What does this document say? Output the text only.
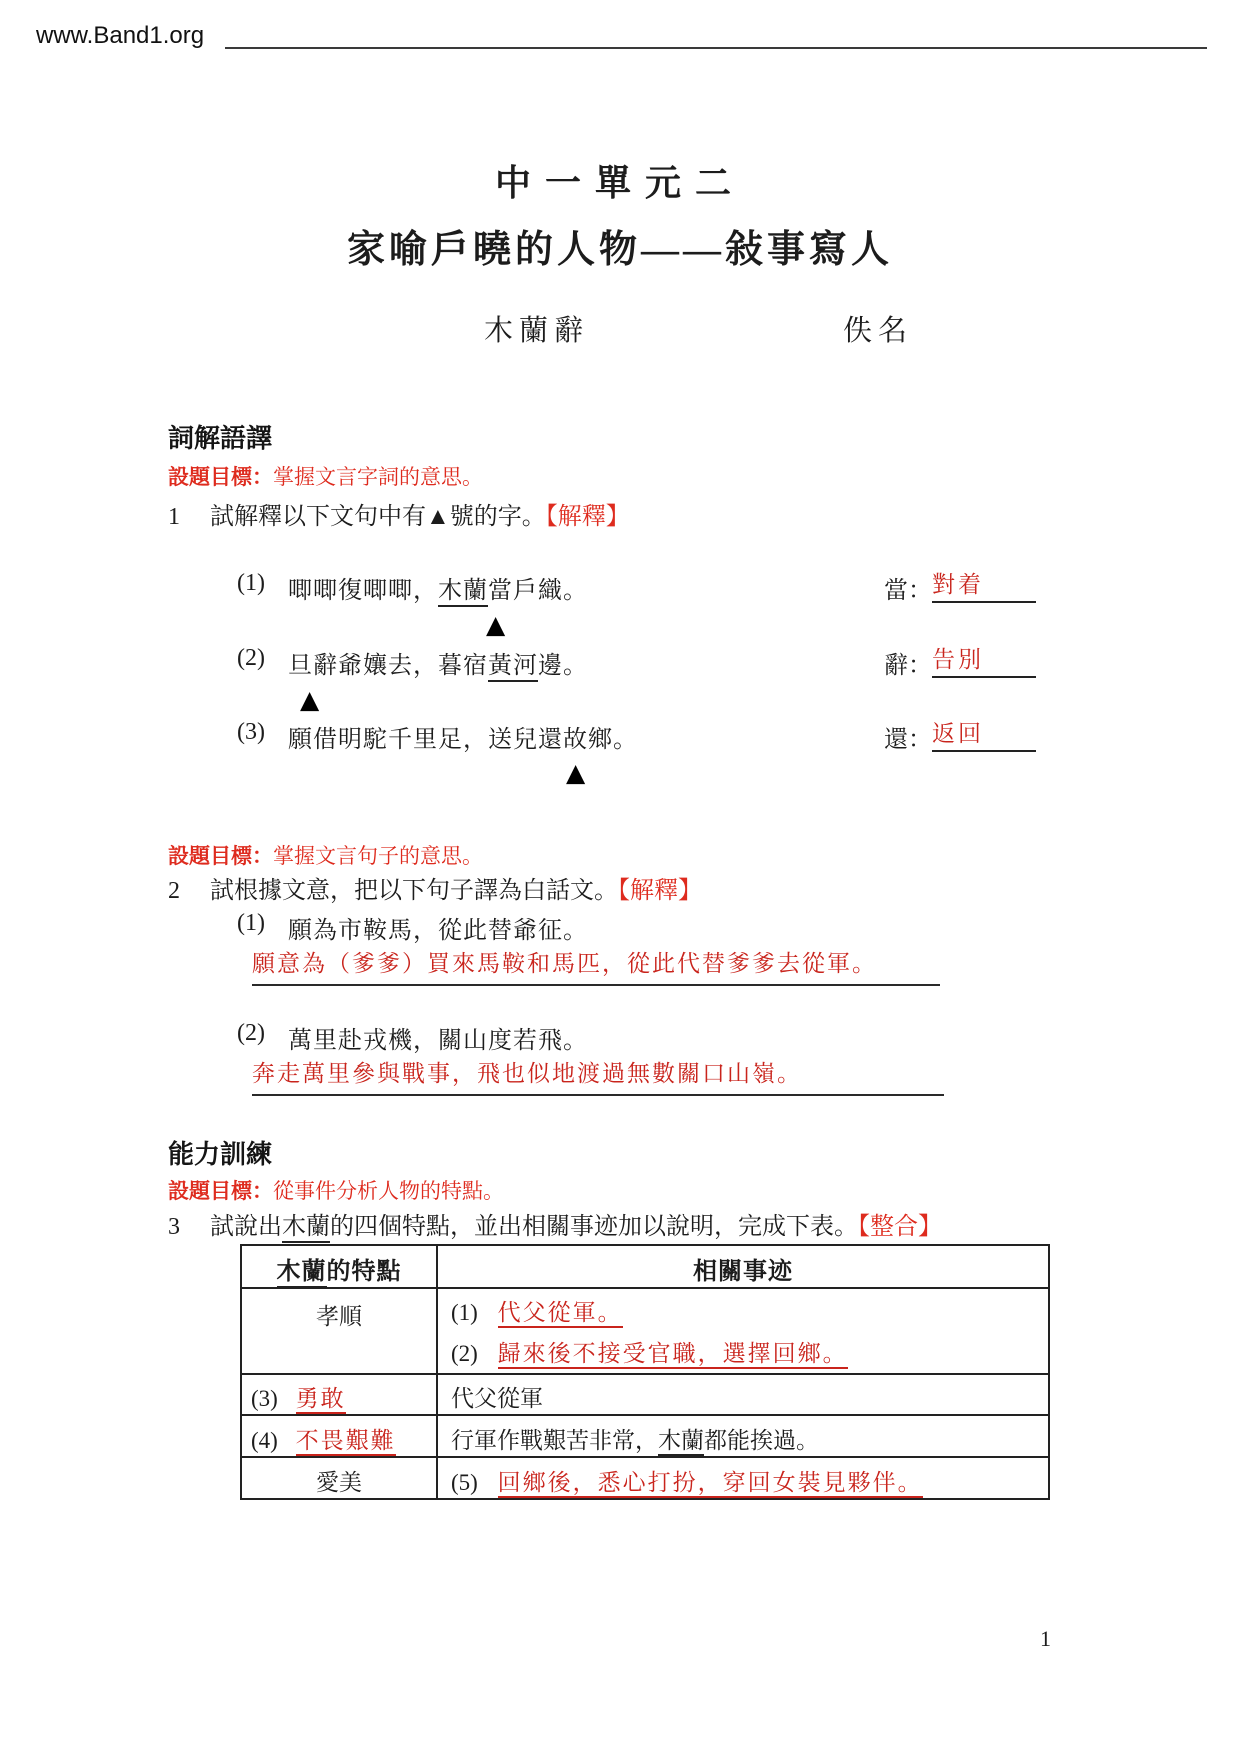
www.Band1.org
中一單元二
家喻戶曉的人物——敍事寫人
木蘭辭	佚名
詞解語譯
設題目標：掌握文言字詞的意思。
1 試解釋以下文句中有▲號的字。【解釋】
(1) 唧唧復唧唧，木蘭當戶織。	當： 對着
▲
(2) 旦辭爺孃去，暮宿黃河邊。	辭： 告別
▲
(3) 願借明駝千里足，送兒還故鄉。	還： 返回
▲
設題目標：掌握文言句子的意思。
2 試根據文意，把以下句子譯為白話文。【解釋】
(1) 願為市鞍馬，從此替爺征。
願意為（爹爹）買來馬鞍和馬匹，從此代替爹爹去從軍。
(2) 萬里赴戎機，關山度若飛。
奔走萬里參與戰事，飛也似地渡過無數關口山嶺。
能力訓練
設題目標：從事件分析人物的特點。
3 試說出木蘭的四個特點，並出相關事迹加以說明，完成下表。【整合】
木蘭的特點	相關事迹

孝順	(1) 代父從軍。
(2) 歸來後不接受官職，選擇回鄉。

(3) 勇敢	代父從軍

(4) 不畏艱難	行軍作戰艱苦非常，木蘭都能挨過。

愛美	(5) 回鄉後，悉心打扮，穿回女裝見夥伴。
1
